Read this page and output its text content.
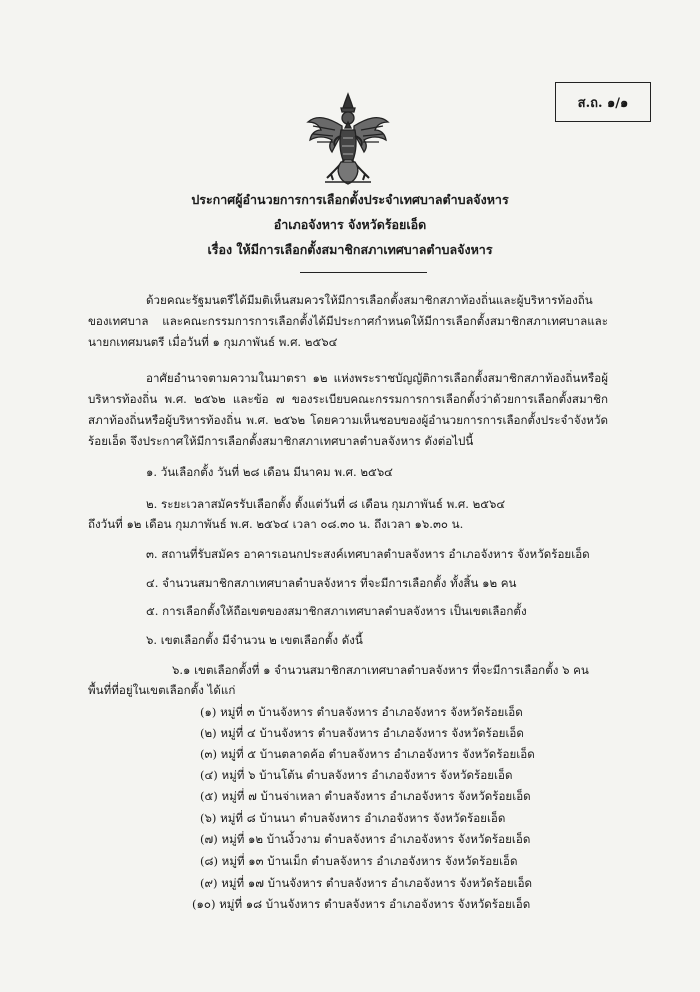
ส.ถ. ๑/๑
ประกาศผู้อำนวยการการเลือกตั้งประจำเทศบาลตำบลจังหาร
อำเภอจังหาร จังหวัดร้อยเอ็ด
เรื่อง ให้มีการเลือกตั้งสมาชิกสภาเทศบาลตำบลจังหาร
ด้วยคณะรัฐมนตรีได้มีมติเห็นสมควรให้มีการเลือกตั้งสมาชิกสภาท้องถิ่นและผู้บริหารท้องถิ่นของเทศบาล และคณะกรรมการการเลือกตั้งได้มีประกาศกำหนดให้มีการเลือกตั้งสมาชิกสภาเทศบาลและนายกเทศมนตรี เมื่อวันที่ ๑ กุมภาพันธ์ พ.ศ. ๒๕๖๔
อาศัยอำนาจตามความในมาตรา ๑๒ แห่งพระราชบัญญัติการเลือกตั้งสมาชิกสภาท้องถิ่นหรือผู้บริหารท้องถิ่น พ.ศ. ๒๕๖๒ และข้อ ๗ ของระเบียบคณะกรรมการการเลือกตั้งว่าด้วยการเลือกตั้งสมาชิกสภาท้องถิ่นหรือผู้บริหารท้องถิ่น พ.ศ. ๒๕๖๒ โดยความเห็นชอบของผู้อำนวยการการเลือกตั้งประจำจังหวัดร้อยเอ็ด จึงประกาศให้มีการเลือกตั้งสมาชิกสภาเทศบาลตำบลจังหาร ดังต่อไปนี้
๑. วันเลือกตั้ง วันที่ ๒๘ เดือน มีนาคม พ.ศ. ๒๕๖๔
๒. ระยะเวลาสมัครรับเลือกตั้ง ตั้งแต่วันที่ ๘ เดือน กุมภาพันธ์ พ.ศ. ๒๕๖๔
ถึงวันที่ ๑๒ เดือน กุมภาพันธ์ พ.ศ. ๒๕๖๔ เวลา ๐๘.๓๐ น. ถึงเวลา ๑๖.๓๐ น.
๓. สถานที่รับสมัคร อาคารเอนกประสงค์เทศบาลตำบลจังหาร อำเภอจังหาร จังหวัดร้อยเอ็ด
๔. จำนวนสมาชิกสภาเทศบาลตำบลจังหาร ที่จะมีการเลือกตั้ง ทั้งสิ้น ๑๒ คน
๕. การเลือกตั้งให้ถือเขตของสมาชิกสภาเทศบาลตำบลจังหาร เป็นเขตเลือกตั้ง
๖. เขตเลือกตั้ง มีจำนวน ๒ เขตเลือกตั้ง ดังนี้
๖.๑ เขตเลือกตั้งที่ ๑ จำนวนสมาชิกสภาเทศบาลตำบลจังหาร ที่จะมีการเลือกตั้ง ๖ คน
พื้นที่ที่อยู่ในเขตเลือกตั้ง ได้แก่
(๑) หมู่ที่ ๓ บ้านจังหาร ตำบลจังหาร อำเภอจังหาร จังหวัดร้อยเอ็ด
(๒) หมู่ที่ ๔ บ้านจังหาร ตำบลจังหาร อำเภอจังหาร จังหวัดร้อยเอ็ด
(๓) หมู่ที่ ๕ บ้านตลาดค้อ ตำบลจังหาร อำเภอจังหาร จังหวัดร้อยเอ็ด
(๔) หมู่ที่ ๖ บ้านโต้น ตำบลจังหาร อำเภอจังหาร จังหวัดร้อยเอ็ด
(๕) หมู่ที่ ๗ บ้านจ่าเหลา ตำบลจังหาร อำเภอจังหาร จังหวัดร้อยเอ็ด
(๖) หมู่ที่ ๘ บ้านนา ตำบลจังหาร อำเภอจังหาร จังหวัดร้อยเอ็ด
(๗) หมู่ที่ ๑๒ บ้านงิ้วงาม ตำบลจังหาร อำเภอจังหาร จังหวัดร้อยเอ็ด
(๘) หมู่ที่ ๑๓ บ้านเม็ก ตำบลจังหาร อำเภอจังหาร จังหวัดร้อยเอ็ด
(๙) หมู่ที่ ๑๗ บ้านจังหาร ตำบลจังหาร อำเภอจังหาร จังหวัดร้อยเอ็ด
(๑๐) หมู่ที่ ๑๘ บ้านจังหาร ตำบลจังหาร อำเภอจังหาร จังหวัดร้อยเอ็ด
